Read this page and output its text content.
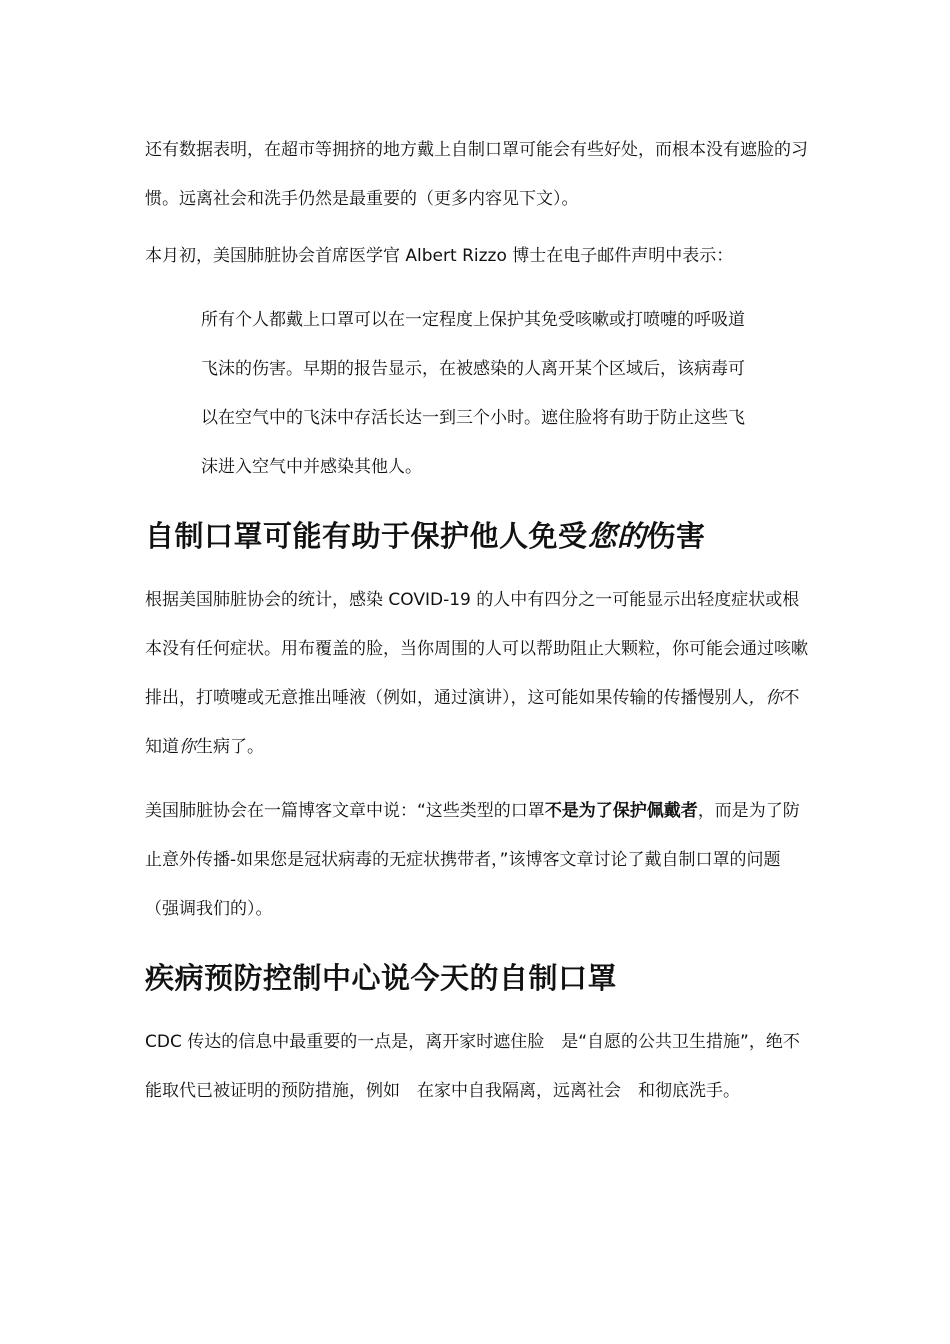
还有数据表明，在超市等拥挤的地方戴上自制口罩可能会有些好处，而根本没有遮脸的习惯。远离社会和洗手仍然是最重要的（更多内容见下文）。

本月初，美国肺脏协会首席医学官 Albert Rizzo 博士在电子邮件声明中表示：

所有个人都戴上口罩可以在一定程度上保护其免受咳嗽或打喷嚏的呼吸道飞沫的伤害。早期的报告显示，在被感染的人离开某个区域后，该病毒可以在空气中的飞沫中存活长达一到三个小时。遮住脸将有助于防止这些飞沫进入空气中并感染其他人。

自制口罩可能有助于保护他人免受您的伤害

根据美国肺脏协会的统计，感染 COVID-19 的人中有四分之一可能显示出轻度症状或根本没有任何症状。用布覆盖的脸，当你周围的人可以帮助阻止大颗粒，你可能会通过咳嗽排出，打喷嚏或无意推出唾液（例如，通过演讲），这可能如果传输的传播慢别人，你不知道你生病了。

美国肺脏协会在一篇博客文章中说：“这些类型的口罩不是为了保护佩戴者，而是为了防止意外传播-如果您是冠状病毒的无症状携带者，”该博客文章讨论了戴自制口罩的问题　（强调我们的）。

疾病预防控制中心说今天的自制口罩

CDC 传达的信息中最重要的一点是，离开家时遮住脸　是“自愿的公共卫生措施”，绝不能取代已被证明的预防措施，例如　在家中自我隔离，远离社会　和彻底洗手。
